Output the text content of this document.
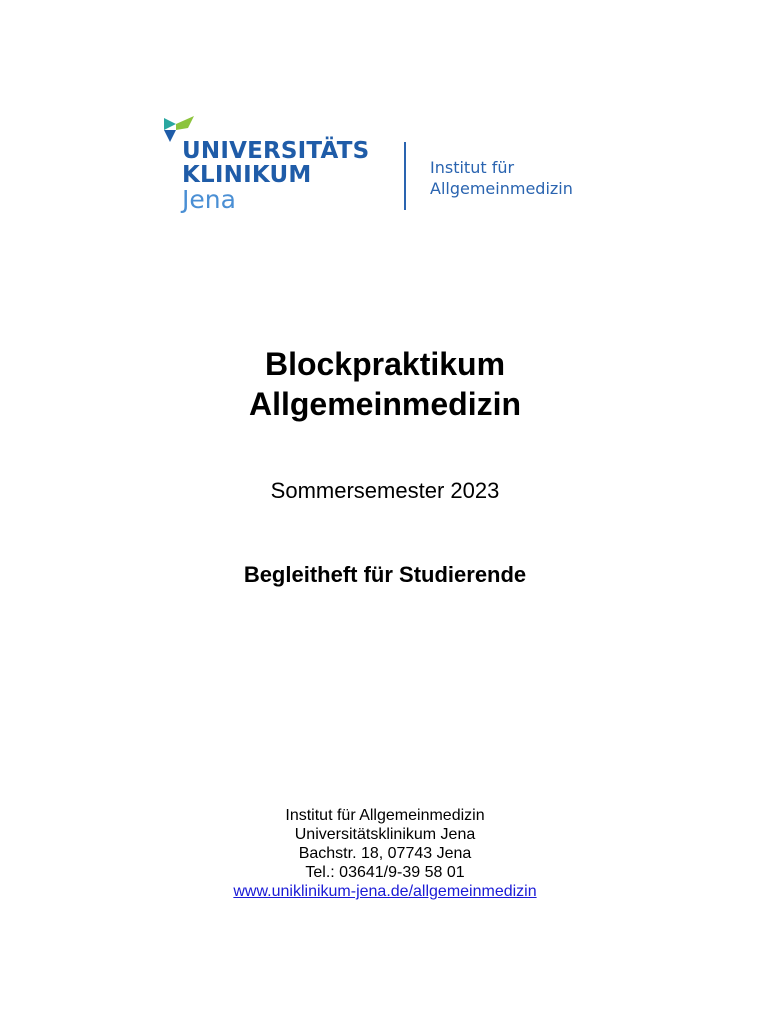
UNIVERSITÄTS
KLINIKUM
Jena
Institut für
Allgemeinmedizin
Blockpraktikum
Allgemeinmedizin
Sommersemester 2023
Begleitheft für Studierende
Institut für Allgemeinmedizin
Universitätsklinikum Jena
Bachstr. 18, 07743 Jena
Tel.: 03641/9-39 58 01
www.uniklinikum-jena.de/allgemeinmedizin
